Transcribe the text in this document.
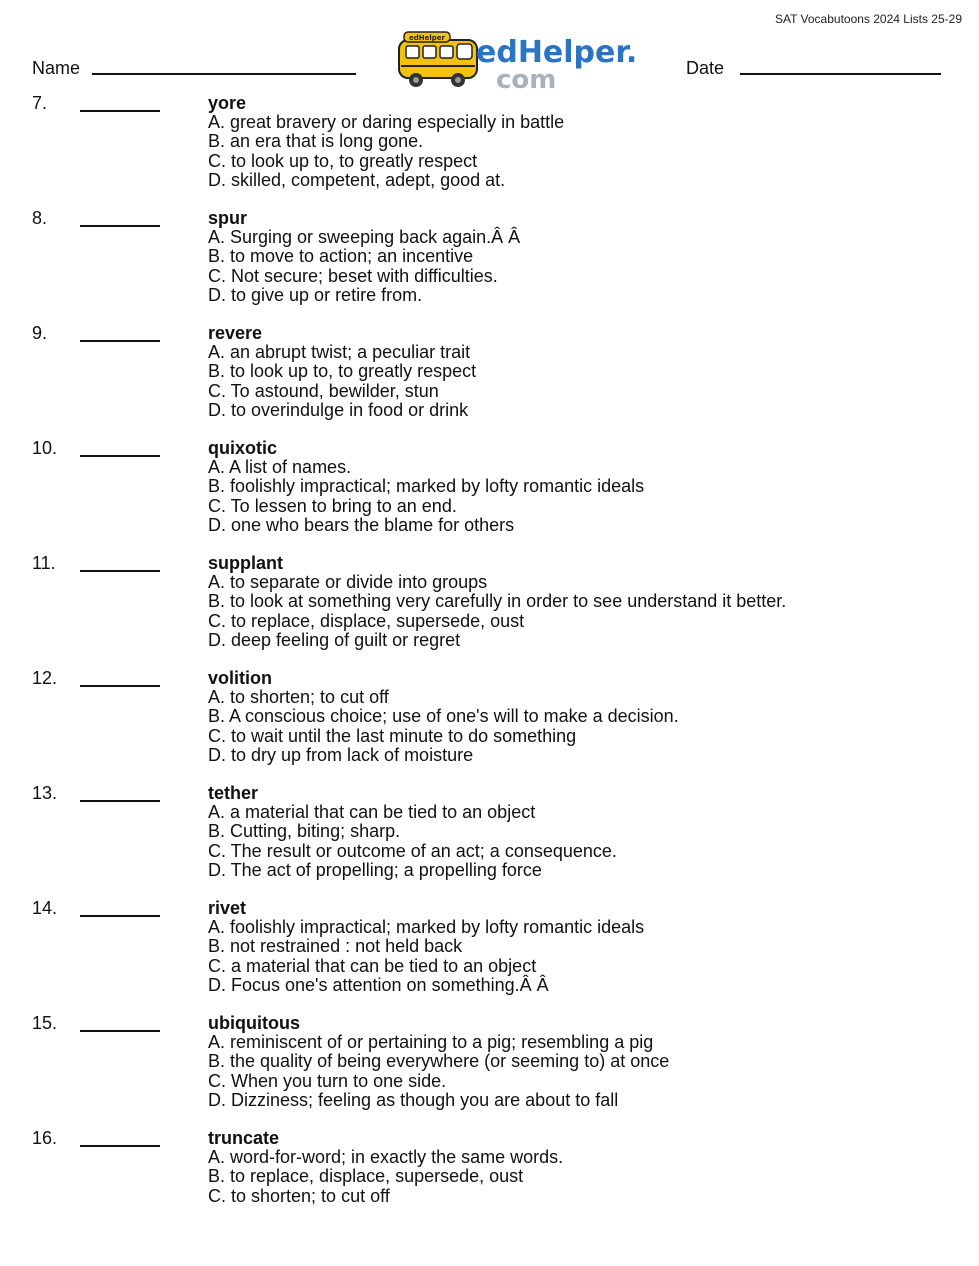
SAT Vocabutoons 2024 Lists 25-29
Name
edHelper edHelper.
com	Date
7.	yore
A. great bravery or daring especially in battle
B. an era that is long gone.
C. to look up to, to greatly respect
D. skilled, competent, adept, good at.
8.	spur
A. Surging or sweeping back again.Â Â
B. to move to action; an incentive
C. Not secure; beset with difficulties.
D. to give up or retire from.
9.	revere
A. an abrupt twist; a peculiar trait
B. to look up to, to greatly respect
C. To astound, bewilder, stun
D. to overindulge in food or drink
10.	quixotic
A. A list of names.
B. foolishly impractical; marked by lofty romantic ideals
C. To lessen to bring to an end.
D. one who bears the blame for others
11.	supplant
A. to separate or divide into groups
B. to look at something very carefully in order to see understand it better.
C. to replace, displace, supersede, oust
D. deep feeling of guilt or regret
12.	volition
A. to shorten; to cut off
B. A conscious choice; use of one's will to make a decision.
C. to wait until the last minute to do something
D. to dry up from lack of moisture
13.	tether
A. a material that can be tied to an object
B. Cutting, biting; sharp.
C. The result or outcome of an act; a consequence.
D. The act of propelling; a propelling force
14.	rivet
A. foolishly impractical; marked by lofty romantic ideals
B. not restrained : not held back
C. a material that can be tied to an object
D. Focus one's attention on something.Â Â
15.	ubiquitous
A. reminiscent of or pertaining to a pig; resembling a pig
B. the quality of being everywhere (or seeming to) at once
C. When you turn to one side.
D. Dizziness; feeling as though you are about to fall
16.	truncate
A. word-for-word; in exactly the same words.
B. to replace, displace, supersede, oust
C. to shorten; to cut off
